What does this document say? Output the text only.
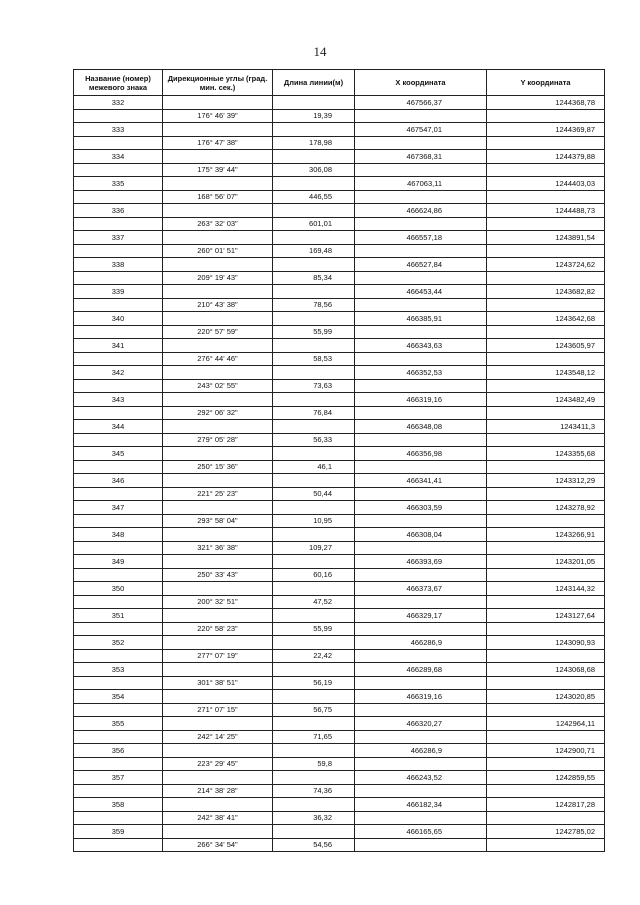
14
Название (номер) межевого знака	Дирекционные углы (град. мин. сек.)	Длина линии(м)	X координата	Y координата
332			467566,37	1244368,78
	176° 46' 39"	19,39		
333			467547,01	1244369,87
	176° 47' 38"	178,98		
334			467368,31	1244379,88
	175° 39' 44"	306,08		
335			467063,11	1244403,03
	168° 56' 07"	446,55		
336			466624,86	1244488,73
	263° 32' 03"	601,01		
337			466557,18	1243891,54
	260° 01' 51"	169,48		
338			466527,84	1243724,62
	209° 19' 43"	85,34		
339			466453,44	1243682,82
	210° 43' 38"	78,56		
340			466385,91	1243642,68
	220° 57' 59"	55,99		
341			466343,63	1243605,97
	276° 44' 46"	58,53		
342			466352,53	1243548,12
	243° 02' 55"	73,63		
343			466319,16	1243482,49
	292° 06' 32"	76,84		
344			466348,08	1243411,3
	279° 05' 28"	56,33		
345			466356,98	1243355,68
	250° 15' 36"	46,1		
346			466341,41	1243312,29
	221° 25' 23"	50,44		
347			466303,59	1243278,92
	293° 58' 04"	10,95		
348			466308,04	1243266,91
	321° 36' 38"	109,27		
349			466393,69	1243201,05
	250° 33' 43"	60,16		
350			466373,67	1243144,32
	200° 32' 51"	47,52		
351			466329,17	1243127,64
	220° 58' 23"	55,99		
352			466286,9	1243090,93
	277° 07' 19"	22,42		
353			466289,68	1243068,68
	301° 38' 51"	56,19		
354			466319,16	1243020,85
	271° 07' 15"	56,75		
355			466320,27	1242964,11
	242° 14' 25"	71,65		
356			466286,9	1242900,71
	223° 29' 45"	59,8		
357			466243,52	1242859,55
	214° 38' 28"	74,36		
358			466182,34	1242817,28
	242° 38' 41"	36,32		
359			466165,65	1242785,02
	266° 34' 54"	54,56		
